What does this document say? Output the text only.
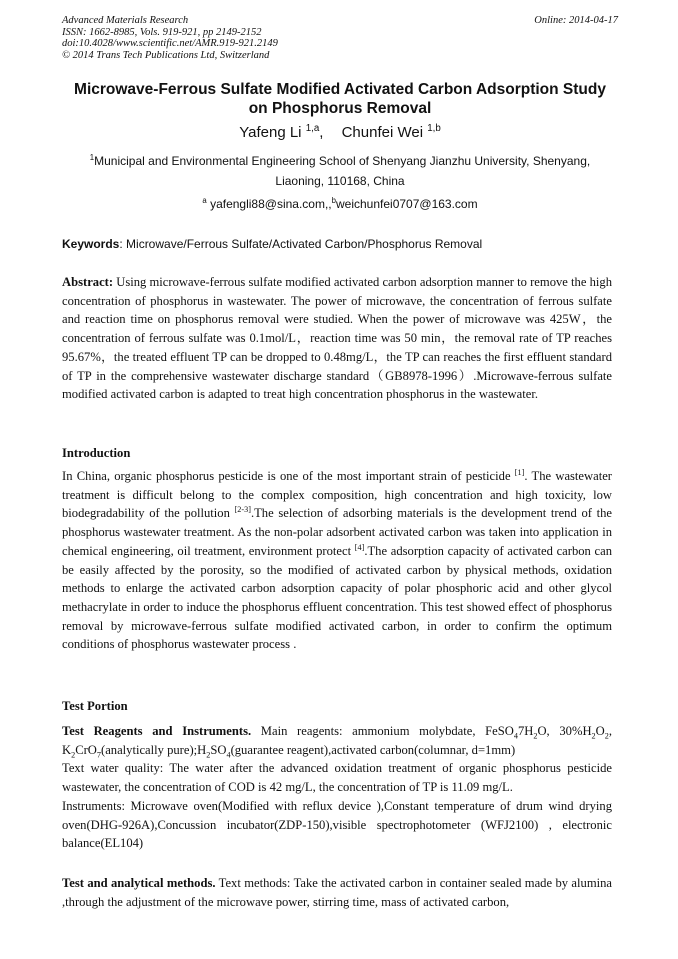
Advanced Materials Research
ISSN: 1662-8985, Vols. 919-921, pp 2149-2152
doi:10.4028/www.scientific.net/AMR.919-921.2149
© 2014 Trans Tech Publications Ltd, Switzerland
Online: 2014-04-17
Microwave-Ferrous Sulfate Modified Activated Carbon Adsorption Study
on Phosphorus Removal
Yafeng Li $^{1,a}$, Chunfei Wei $^{1,b}$
$^1$Municipal and Environmental Engineering School of Shenyang Jianzhu University, Shenyang,
Liaoning, 110168, China
$^a$ yafengli88@sina.com,,$^b$weichunfei0707@163.com
Keywords: Microwave/Ferrous Sulfate/Activated Carbon/Phosphorus Removal
Abstract: Using microwave-ferrous sulfate modified activated carbon adsorption manner to remove the high concentration of phosphorus in wastewater. The power of microwave, the concentration of ferrous sulfate and reaction time on phosphorus removal were studied. When the power of microwave was 425W，the concentration of ferrous sulfate was 0.1mol/L，reaction time was 50 min，the removal rate of TP reaches 95.67%，the treated effluent TP can be dropped to 0.48mg/L，the TP can reaches the first effluent standard of TP in the comprehensive wastewater discharge standard（GB8978-1996）.Microwave-ferrous sulfate modified activated carbon is adapted to treat high concentration phosphorus in the wastewater.
Introduction
In China, organic phosphorus pesticide is one of the most important strain of pesticide [1]. The wastewater treatment is difficult belong to the complex composition, high concentration and high toxicity, low biodegradability of the pollution [2-3].The selection of adsorbing materials is the development trend of the phosphorus wastewater treatment. As the non-polar adsorbent activated carbon was taken into application in chemical engineering, oil treatment, environment protect [4].The adsorption capacity of activated carbon can be easily affected by the porosity, so the modified of activated carbon by physical methods, oxidation methods to enlarge the activated carbon adsorption capacity of polar phosphoric acid and other glycol methacrylate in order to induce the phosphorus effluent concentration. This test showed effect of phosphorus removal by microwave-ferrous sulfate modified activated carbon, in order to confirm the optimum conditions of phosphorus wastewater process .
Test Portion
Test Reagents and Instruments. Main reagents: ammonium molybdate, $FeSO_47H_2O$, $30\%H_2O_2$, $K_2CrO_7(analytically$ $pure);H_2SO_4(guarantee$ reagent),activated carbon(columnar, d=1mm)
Text water quality: The water after the advanced oxidation treatment of organic phosphorus pesticide wastewater, the concentration of COD is 42 mg/L, the concentration of TP is 11.09 mg/L.
Instruments: Microwave oven(Modified with reflux device ),Constant temperature of drum wind drying oven(DHG-926A),Concussion incubator(ZDP-150),visible spectrophotometer (WFJ2100) , electronic balance(EL104)
Test and analytical methods. Text methods: Take the activated carbon in container sealed made by alumina ,through the adjustment of the microwave power, stirring time, mass of activated carbon,
